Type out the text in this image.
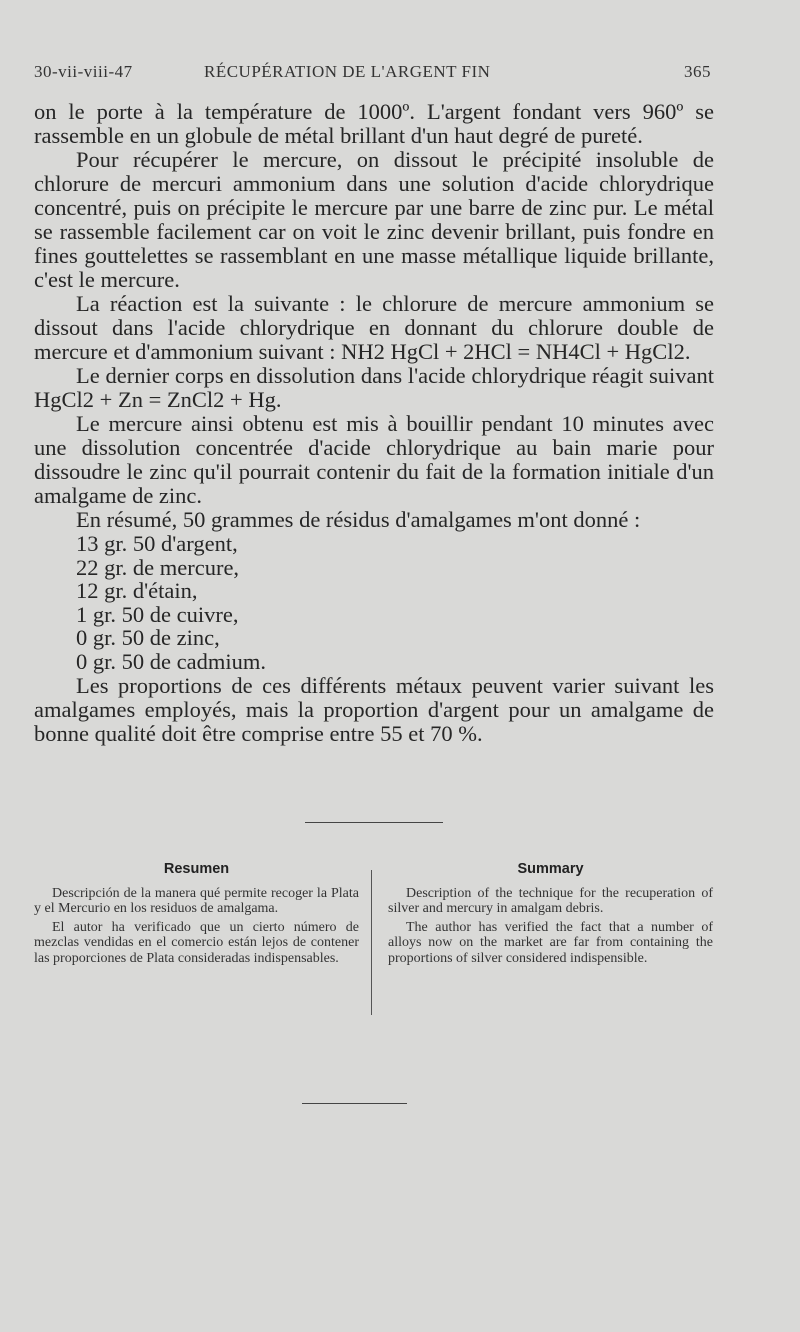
30-vii-viii-47	RÉCUPÉRATION DE L'ARGENT FIN	365

on le porte à la température de 1000º. L'argent fondant vers 960º se rassemble en un globule de métal brillant d'un haut degré de pureté.

Pour récupérer le mercure, on dissout le précipité insoluble de chlorure de mercuri ammonium dans une solution d'acide chlorydrique concentré, puis on précipite le mercure par une barre de zinc pur. Le métal se rassemble facilement car on voit le zinc devenir brillant, puis fondre en fines gouttelettes se rassemblant en une masse métallique liquide brillante, c'est le mercure.

La réaction est la suivante : le chlorure de mercure ammonium se dissout dans l'acide chlorydrique en donnant du chlorure double de mercure et d'ammonium suivant : NH2 HgCl + 2HCl = NH4Cl + HgCl2.

Le dernier corps en dissolution dans l'acide chlorydrique réagit suivant HgCl2 + Zn = ZnCl2 + Hg.

Le mercure ainsi obtenu est mis à bouillir pendant 10 minutes avec une dissolution concentrée d'acide chlorydrique au bain marie pour dissoudre le zinc qu'il pourrait contenir du fait de la formation initiale d'un amalgame de zinc.

En résumé, 50 grammes de résidus d'amalgames m'ont donné :

13 gr. 50 d'argent,
22 gr. de mercure,
12 gr. d'étain,
1 gr. 50 de cuivre,
0 gr. 50 de zinc,
0 gr. 50 de cadmium.

Les proportions de ces différents métaux peuvent varier suivant les amalgames employés, mais la proportion d'argent pour un amalgame de bonne qualité doit être comprise entre 55 et 70 %.

Resumen

Descripción de la manera qué permite recoger la Plata y el Mercurio en los residuos de amalgama.

El autor ha verificado que un cierto número de mezclas vendidas en el comercio están lejos de contener las proporciones de Plata consideradas indispensables.

Summary

Description of the technique for the recuperation of silver and mercury in amalgam debris.

The author has verified the fact that a number of alloys now on the market are far from containing the proportions of silver considered indispensible.
